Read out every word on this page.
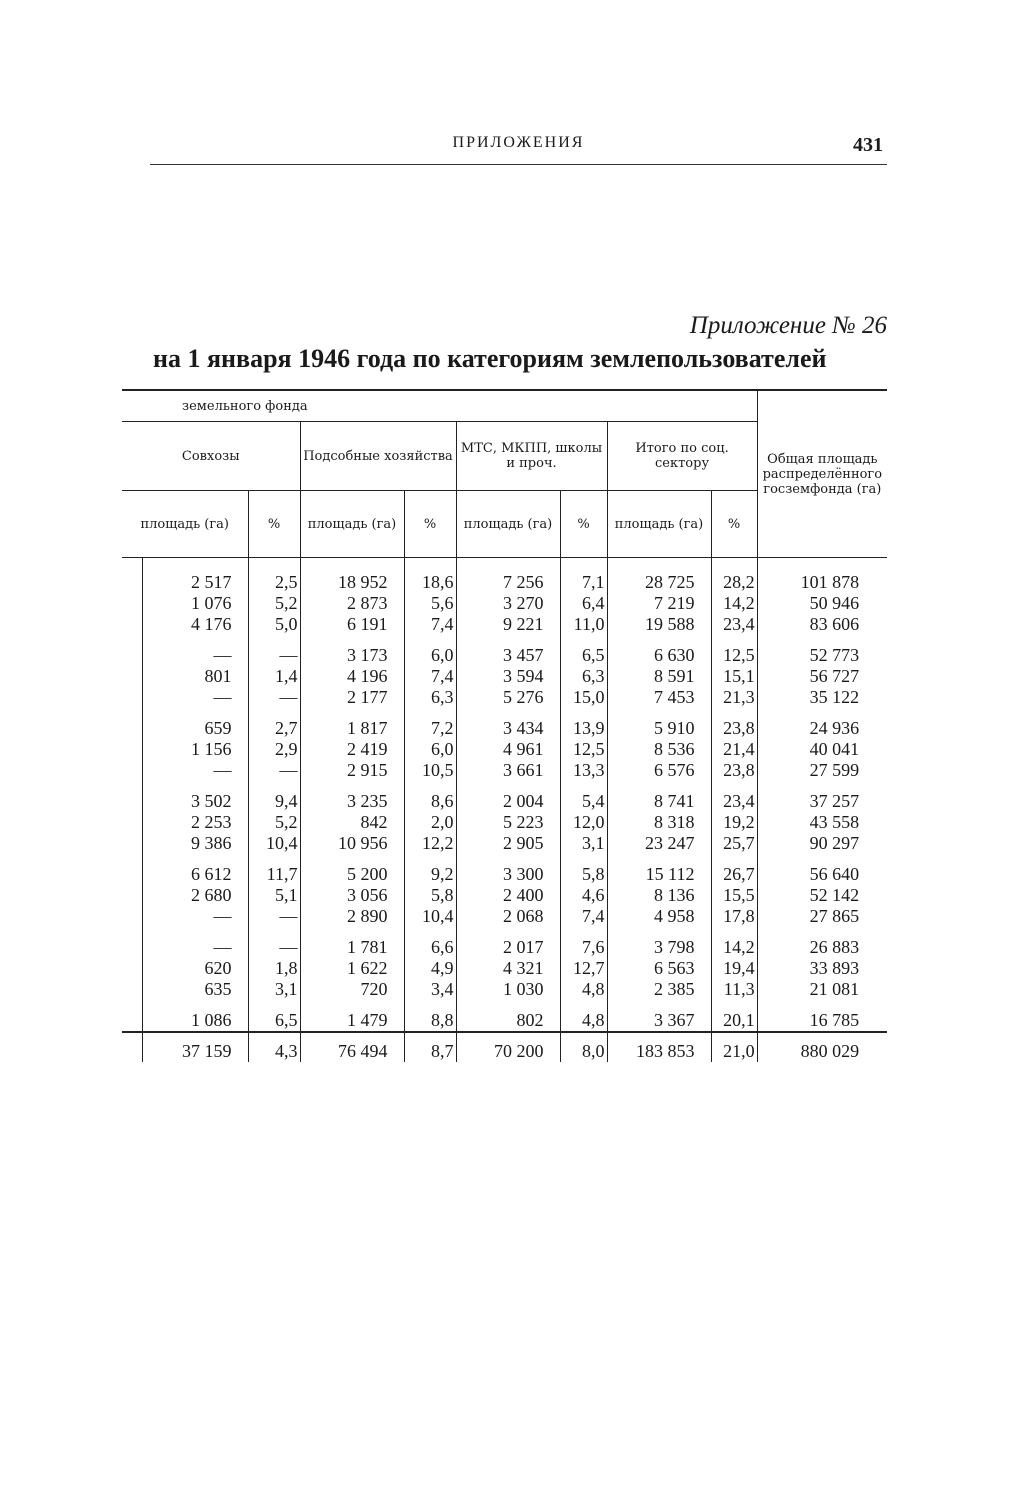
ПРИЛОЖЕНИЯ	431
Приложение № 26
на 1 января 1946 года по категориям землепользователей
земельного фонда									Общая площадь распределённого госземфонда (га)
Совхозы			Подсобные хозяйства		МТС, МКПП, школы и проч.		Итого по соц. сектору		
площадь (га)		%	площадь (га)	%	площадь (га)	%	площадь (га)	%	
	2 517	2,5	18 952	18,6	7 256	7,1	28 725	28,2	101 878
	1 076	5,2	2 873	5,6	3 270	6,4	7 219	14,2	50 946
	4 176	5,0	6 191	7,4	9 221	11,0	19 588	23,4	83 606
	—	—	3 173	6,0	3 457	6,5	6 630	12,5	52 773
	801	1,4	4 196	7,4	3 594	6,3	8 591	15,1	56 727
	—	—	2 177	6,3	5 276	15,0	7 453	21,3	35 122
	659	2,7	1 817	7,2	3 434	13,9	5 910	23,8	24 936
	1 156	2,9	2 419	6,0	4 961	12,5	8 536	21,4	40 041
	—	—	2 915	10,5	3 661	13,3	6 576	23,8	27 599
	3 502	9,4	3 235	8,6	2 004	5,4	8 741	23,4	37 257
	2 253	5,2	842	2,0	5 223	12,0	8 318	19,2	43 558
	9 386	10,4	10 956	12,2	2 905	3,1	23 247	25,7	90 297
	6 612	11,7	5 200	9,2	3 300	5,8	15 112	26,7	56 640
	2 680	5,1	3 056	5,8	2 400	4,6	8 136	15,5	52 142
	—	—	2 890	10,4	2 068	7,4	4 958	17,8	27 865
	—	—	1 781	6,6	2 017	7,6	3 798	14,2	26 883
	620	1,8	1 622	4,9	4 321	12,7	6 563	19,4	33 893
	635	3,1	720	3,4	1 030	4,8	2 385	11,3	21 081
	1 086	6,5	1 479	8,8	802	4,8	3 367	20,1	16 785
	37 159	4,3	76 494	8,7	70 200	8,0	183 853	21,0	880 029
